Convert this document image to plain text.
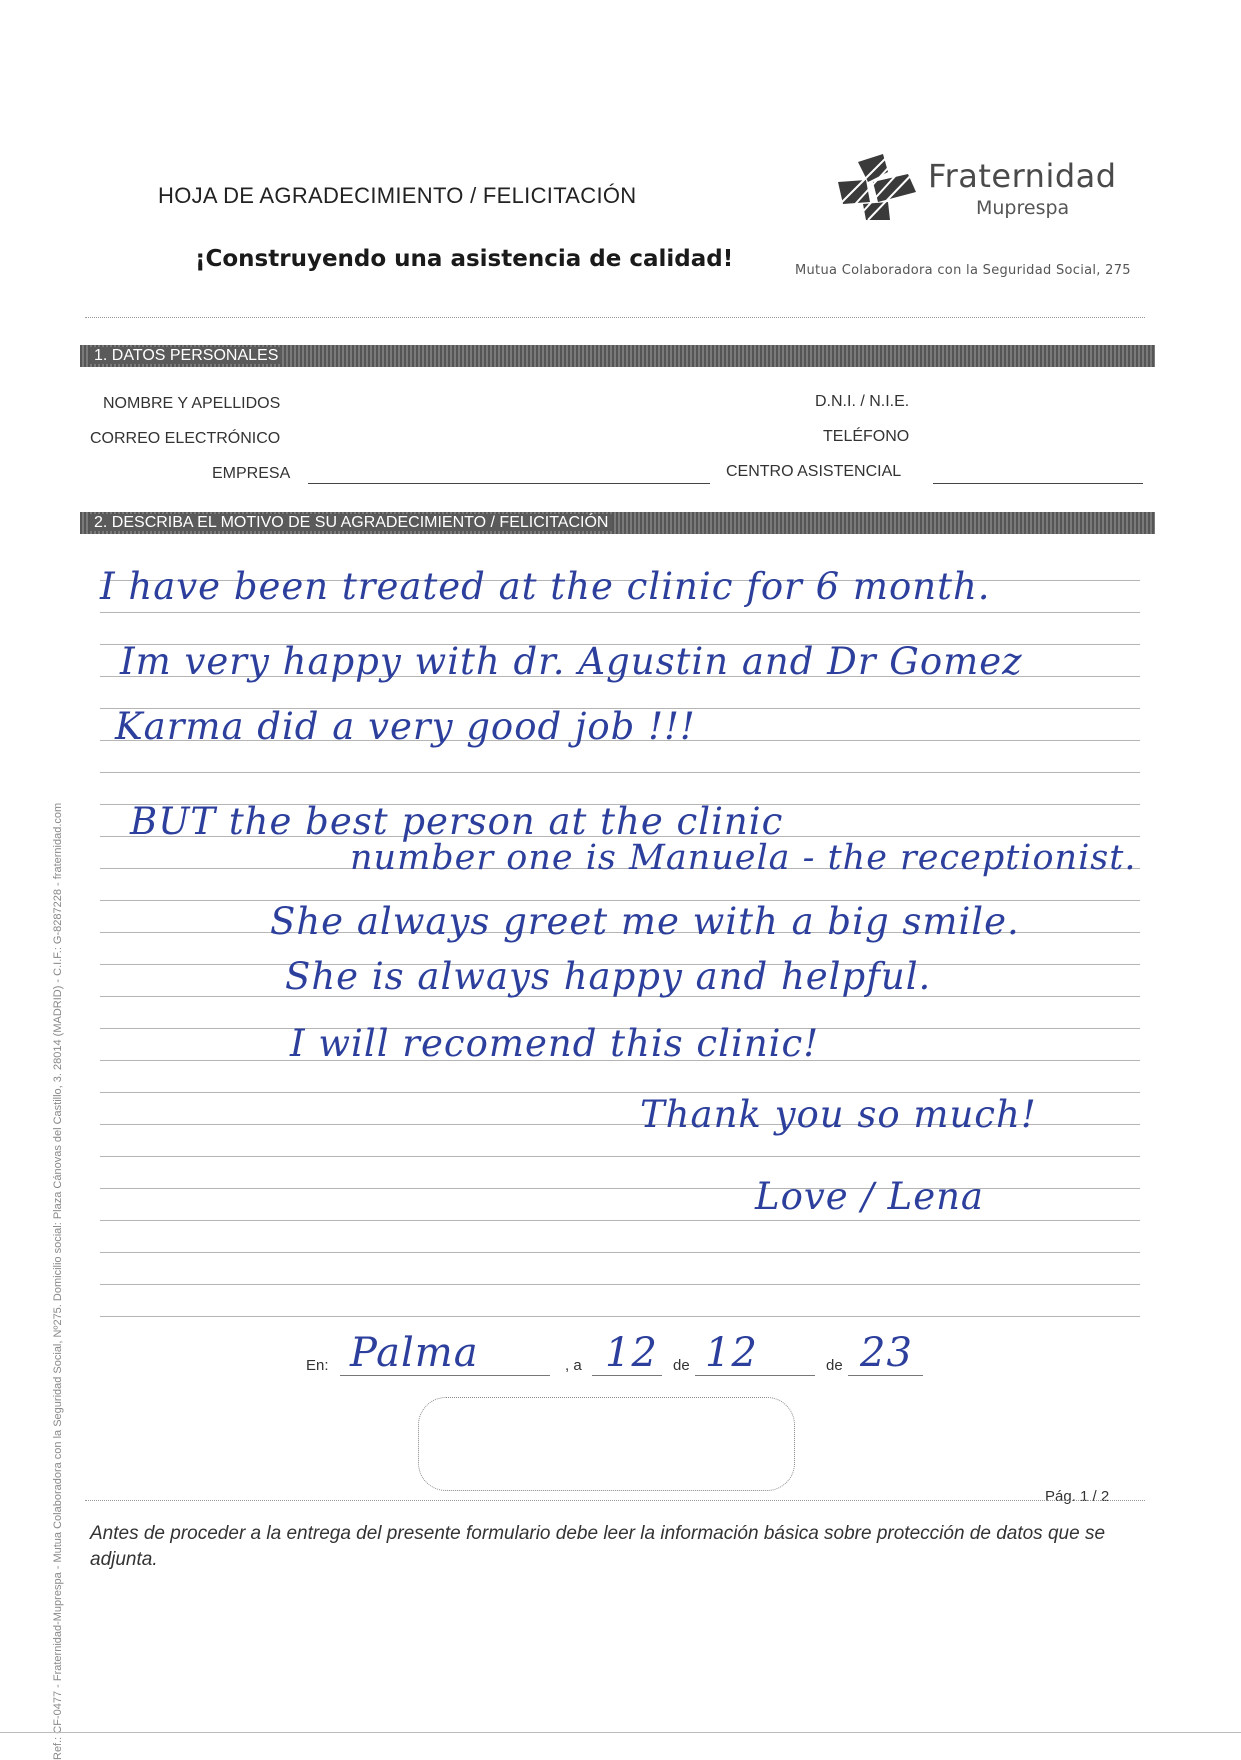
HOJA DE AGRADECIMIENTO / FELICITACIÓN
¡Construyendo una asistencia de calidad!
Fraternidad
Muprespa
Mutua Colaboradora con la Seguridad Social, 275
1. DATOS PERSONALES
NOMBRE Y APELLIDOS
CORREO ELECTRÓNICO
EMPRESA
D.N.I. / N.I.E.
TELÉFONO
CENTRO ASISTENCIAL
2. DESCRIBA EL MOTIVO DE SU AGRADECIMIENTO / FELICITACIÓN
I have been treated at the clinic for 6 month.
Im very happy with dr. Agustin and Dr Gomez
Karma did a very good job !!!
BUT the best person at the clinic
number one is Manuela - the receptionist.
She always greet me with a big smile.
She is always happy and helpful.
I will recomend this clinic!
Thank you so much!
Love / Lena
En: Palma	, a 12 de 12	de 23
Pág. 1 / 2
Antes de proceder a la entrega del presente formulario debe leer la información básica sobre protección de datos que se adjunta.
Ref.: CF-0477 - Fraternidad-Muprespa - Mutua Colaboradora con la Seguridad Social, Nº275. Domicilio social: Plaza Cánovas del Castillo, 3. 28014 (MADRID) - C.I.F.: G-8287228 - fraternidad.com
